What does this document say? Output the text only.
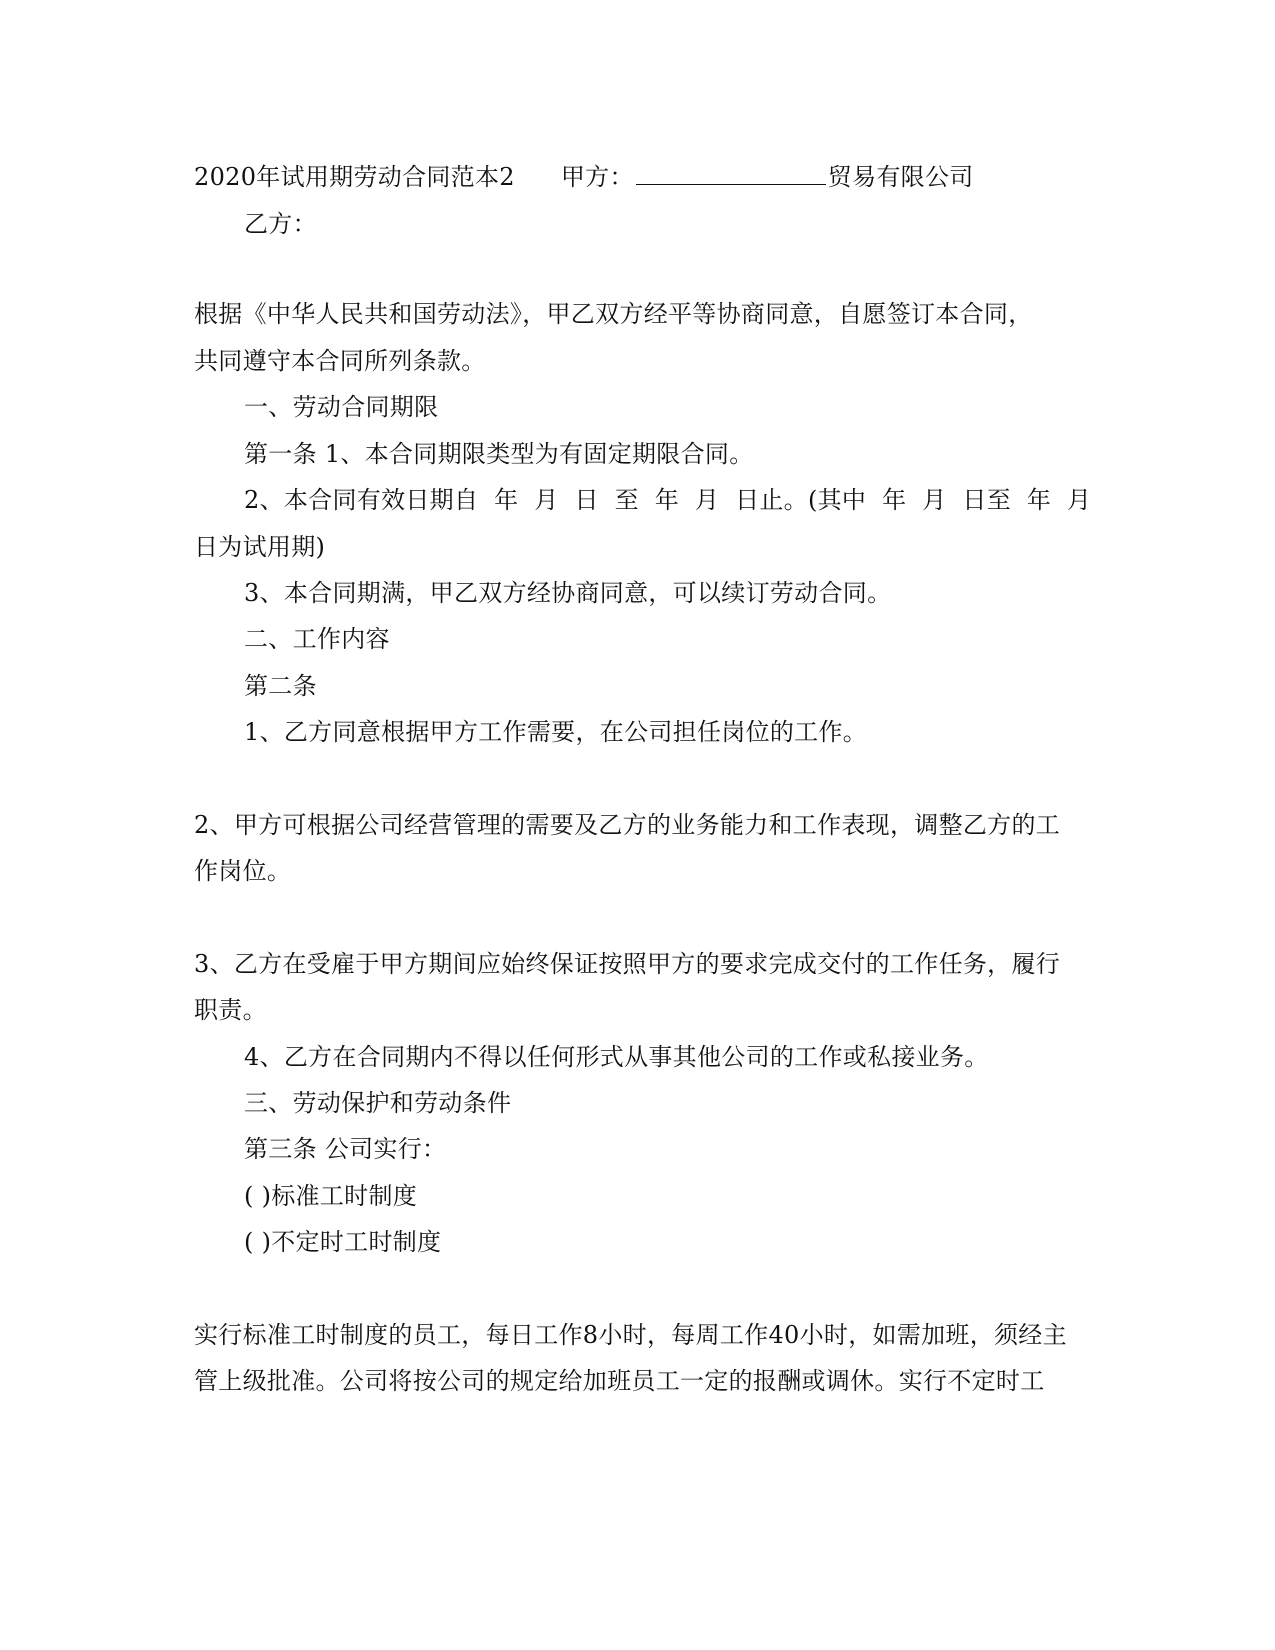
2020年试用期劳动合同范本2 甲方：	贸易有限公司
乙方：
根据《中华人民共和国劳动法》，甲乙双方经平等协商同意，自愿签订本合同，
共同遵守本合同所列条款。
一、劳动合同期限
第一条 1、本合同期限类型为有固定期限合同。
2、本合同有效日期自  年  月  日  至  年  月  日止。(其中  年  月  日至  年  月
日为试用期)
3、本合同期满，甲乙双方经协商同意，可以续订劳动合同。
二、工作内容
第二条
1、乙方同意根据甲方工作需要，在公司担任岗位的工作。
2、甲方可根据公司经营管理的需要及乙方的业务能力和工作表现，调整乙方的工
作岗位。
3、乙方在受雇于甲方期间应始终保证按照甲方的要求完成交付的工作任务，履行
职责。
4、乙方在合同期内不得以任何形式从事其他公司的工作或私接业务。
三、劳动保护和劳动条件
第三条 公司实行：
( )标准工时制度
( )不定时工时制度
实行标准工时制度的员工，每日工作8小时，每周工作40小时，如需加班，须经主
管上级批准。公司将按公司的规定给加班员工一定的报酬或调休。实行不定时工
